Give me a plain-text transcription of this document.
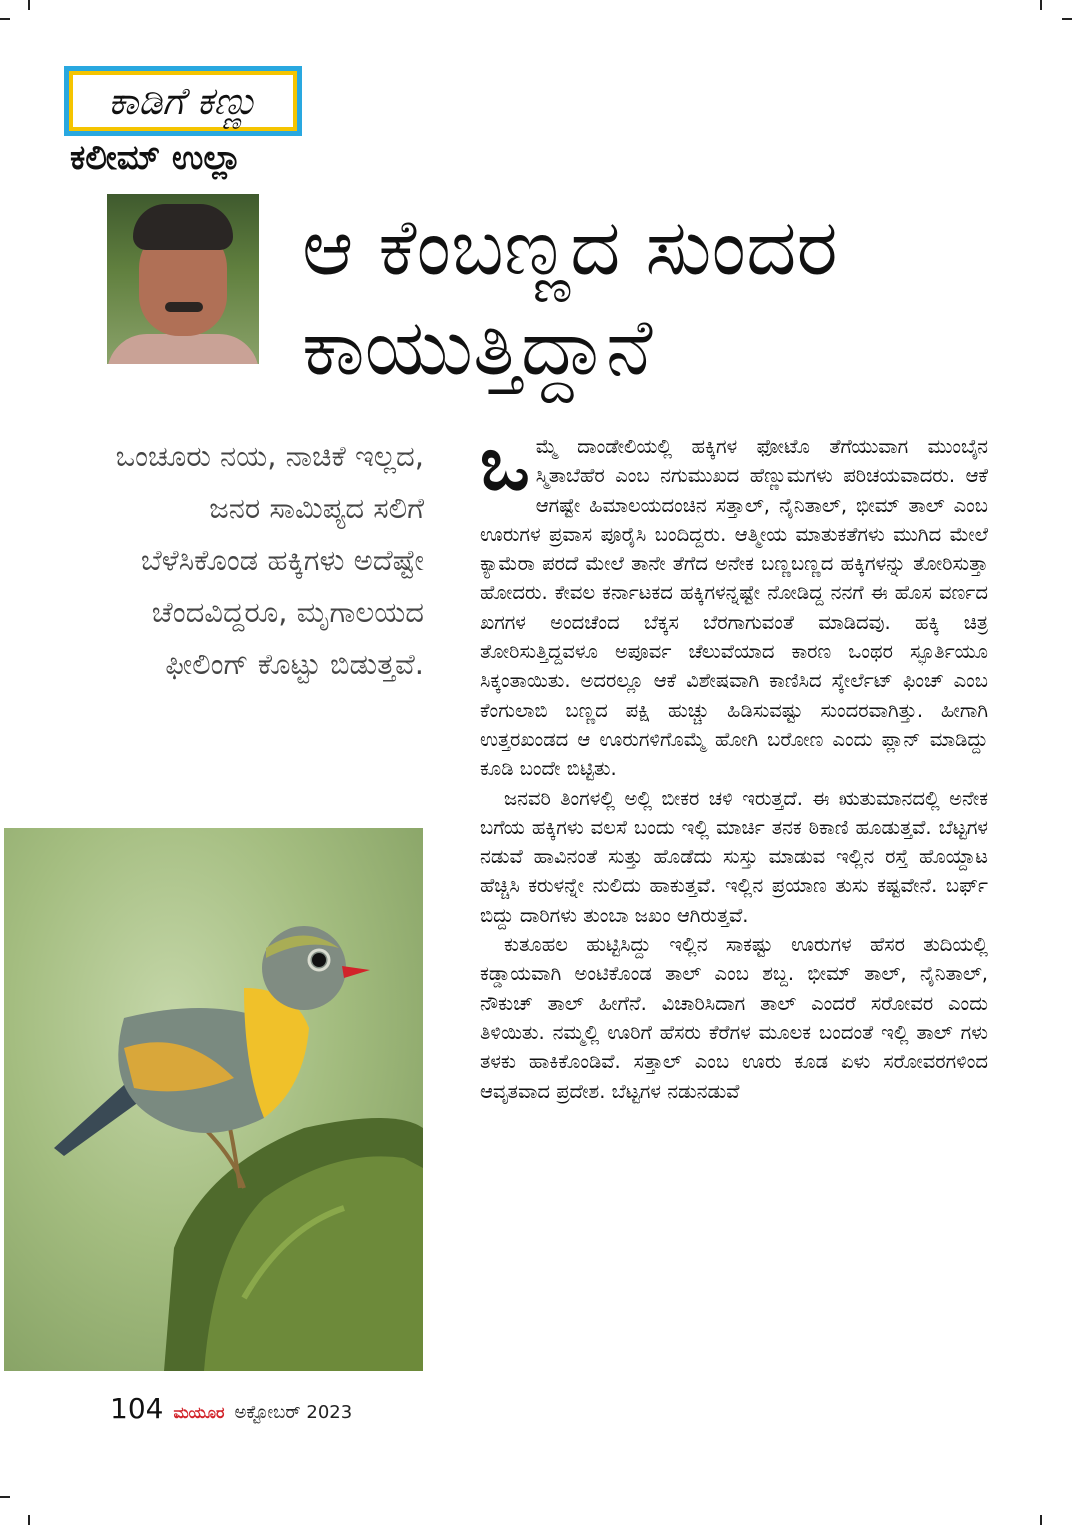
ಕಾಡಿಗೆ ಕಣ್ಣು
ಕಲೀಮ್ ಉಲ್ಲಾ
ಆ ಕೆಂಬಣ್ಣದ ಸುಂದರ ಕಾಯುತ್ತಿದ್ದಾನೆ
ಒಂಚೂರು ನಯ, ನಾಚಿಕೆ ಇಲ್ಲದ, ಜನರ ಸಾಮಿಪ್ಯದ ಸಲಿಗೆ ಬೆಳೆಸಿಕೊಂಡ ಹಕ್ಕಿಗಳು ಅದೆಷ್ಟೇ ಚೆಂದವಿದ್ದರೂ, ಮೃಗಾಲಯದ ಫೀಲಿಂಗ್ ಕೊಟ್ಟು ಬಿಡುತ್ತವೆ.

ಒಮ್ಮೆ ದಾಂಡೇಲಿಯಲ್ಲಿ ಹಕ್ಕಿಗಳ ಫೋಟೊ ತೆಗೆಯುವಾಗ ಮುಂಬೈನ ಸ್ಮಿತಾಬೆಹೆರ ಎಂಬ ನಗುಮುಖದ ಹೆಣ್ಣುಮಗಳು ಪರಿಚಯವಾದರು. ಆಕೆ ಆಗಷ್ಟೇ ಹಿಮಾಲಯದಂಚಿನ ಸತ್ತಾಲ್, ನೈನಿತಾಲ್, ಭೀಮ್ ತಾಲ್ ಎಂಬ ಊರುಗಳ ಪ್ರವಾಸ ಪೂರೈಸಿ ಬಂದಿದ್ದರು. ಆತ್ಮೀಯ ಮಾತುಕತೆಗಳು ಮುಗಿದ ಮೇಲೆ ಕ್ಯಾಮೆರಾ ಪರದೆ ಮೇಲೆ ತಾನೇ ತೆಗೆದ ಅನೇಕ ಬಣ್ಣಬಣ್ಣದ ಹಕ್ಕಿಗಳನ್ನು ತೋರಿಸುತ್ತಾ ಹೋದರು. ಕೇವಲ ಕರ್ನಾಟಕದ ಹಕ್ಕಿಗಳನ್ನಷ್ಟೇ ನೋಡಿದ್ದ ನನಗೆ ಈ ಹೊಸ ವರ್ಣದ ಖಗಗಳ ಅಂದಚೆಂದ ಬೆಕ್ಕಸ ಬೆರಗಾಗುವಂತೆ ಮಾಡಿದವು. ಹಕ್ಕಿ ಚಿತ್ರ ತೋರಿಸುತ್ತಿದ್ದವಳೂ ಅಪೂರ್ವ ಚೆಲುವೆಯಾದ ಕಾರಣ ಒಂಥರ ಸ್ಫೂರ್ತಿಯೂ ಸಿಕ್ಕಂತಾಯಿತು. ಅದರಲ್ಲೂ ಆಕೆ ವಿಶೇಷವಾಗಿ ಕಾಣಿಸಿದ ಸ್ಕೇರ್ಲೆಟ್ ಫಿಂಚ್ ಎಂಬ ಕೆಂಗುಲಾಬಿ ಬಣ್ಣದ ಪಕ್ಷಿ ಹುಚ್ಚು ಹಿಡಿಸುವಷ್ಟು ಸುಂದರವಾಗಿತ್ತು. ಹೀಗಾಗಿ ಉತ್ತರಖಂಡದ ಆ ಊರುಗಳಿಗೊಮ್ಮೆ ಹೋಗಿ ಬರೋಣ ಎಂದು ಪ್ಲಾನ್ ಮಾಡಿದ್ದು ಕೂಡಿ ಬಂದೇ ಬಿಟ್ಟಿತು.

ಜನವರಿ ತಿಂಗಳಲ್ಲಿ ಅಲ್ಲಿ ಬೀಕರ ಚಳಿ ಇರುತ್ತದೆ. ಈ ಋತುಮಾನದಲ್ಲಿ ಅನೇಕ ಬಗೆಯ ಹಕ್ಕಿಗಳು ವಲಸೆ ಬಂದು ಇಲ್ಲಿ ಮಾರ್ಚಿ ತನಕ ಠಿಕಾಣಿ ಹೂಡುತ್ತವೆ. ಬೆಟ್ಟಗಳ ನಡುವೆ ಹಾವಿನಂತೆ ಸುತ್ತು ಹೊಡೆದು ಸುಸ್ತು ಮಾಡುವ ಇಲ್ಲಿನ ರಸ್ತೆ ಹೊಯ್ದಾಟ ಹೆಚ್ಚಿಸಿ ಕರುಳನ್ನೇ ನುಲಿದು ಹಾಕುತ್ತವೆ. ಇಲ್ಲಿನ ಪ್ರಯಾಣ ತುಸು ಕಷ್ಟವೇನೆ. ಬರ್ಫ್ ಬಿದ್ದು ದಾರಿಗಳು ತುಂಬಾ ಜಖಂ ಆಗಿರುತ್ತವೆ.

ಕುತೂಹಲ ಹುಟ್ಟಿಸಿದ್ದು ಇಲ್ಲಿನ ಸಾಕಷ್ಟು ಊರುಗಳ ಹೆಸರ ತುದಿಯಲ್ಲಿ ಕಡ್ಡಾಯವಾಗಿ ಅಂಟಿಕೊಂಡ ತಾಲ್ ಎಂಬ ಶಬ್ದ. ಭೀಮ್ ತಾಲ್, ನೈನಿತಾಲ್, ನೌಕುಚ್ ತಾಲ್ ಹೀಗೆನೆ. ವಿಚಾರಿಸಿದಾಗ ತಾಲ್ ಎಂದರೆ ಸರೋವರ ಎಂದು ತಿಳಿಯಿತು. ನಮ್ಮಲ್ಲಿ ಊರಿಗೆ ಹೆಸರು ಕೆರೆಗಳ ಮೂಲಕ ಬಂದಂತೆ ಇಲ್ಲಿ ತಾಲ್ ಗಳು ತಳಕು ಹಾಕಿಕೊಂಡಿವೆ. ಸತ್ತಾಲ್ ಎಂಬ ಊರು ಕೂಡ ಏಳು ಸರೋವರಗಳಿಂದ ಆವೃತವಾದ ಪ್ರದೇಶ. ಬೆಟ್ಟಗಳ ನಡುನಡುವೆ

104 ಮಯೂರ ಅಕ್ಟೋಬರ್ 2023
